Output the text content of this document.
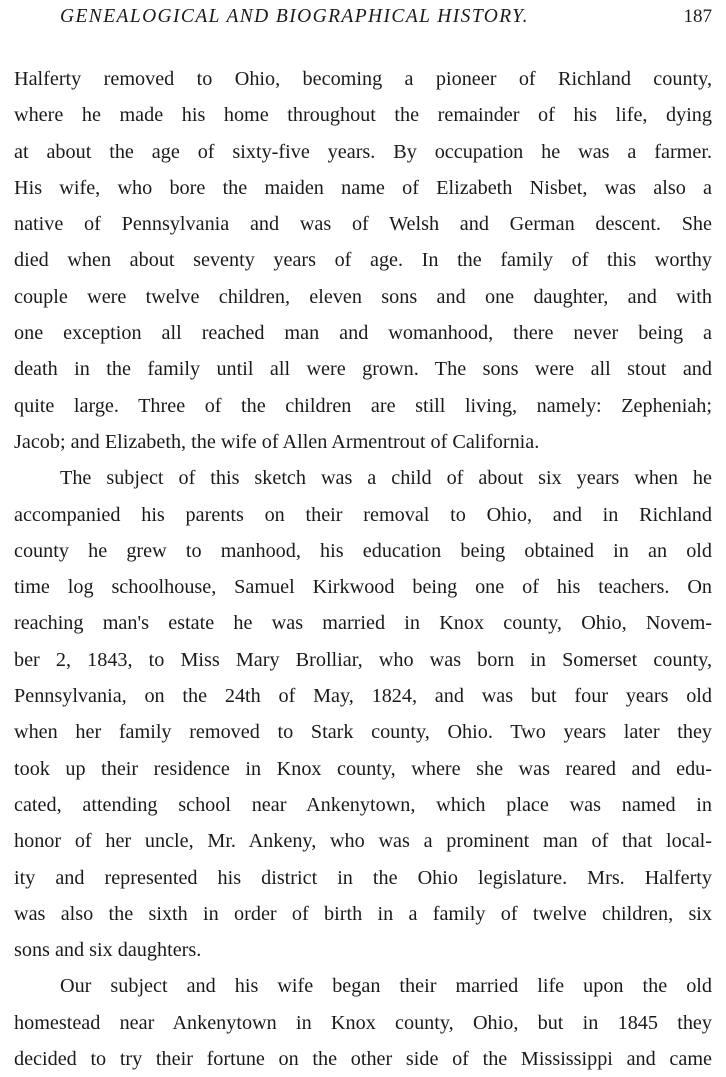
GENEALOGICAL AND BIOGRAPHICAL HISTORY.	187
Halferty removed to Ohio, becoming a pioneer of Richland county,
where he made his home throughout the remainder of his life, dying
at about the age of sixty-five years. By occupation he was a farmer.
His wife, who bore the maiden name of Elizabeth Nisbet, was also a
native of Pennsylvania and was of Welsh and German descent. She
died when about seventy years of age. In the family of this worthy
couple were twelve children, eleven sons and one daughter, and with
one exception all reached man and womanhood, there never being a
death in the family until all were grown. The sons were all stout and
quite large. Three of the children are still living, namely: Zepheniah;
Jacob; and Elizabeth, the wife of Allen Armentrout of California.
The subject of this sketch was a child of about six years when he
accompanied his parents on their removal to Ohio, and in Richland
county he grew to manhood, his education being obtained in an old
time log schoolhouse, Samuel Kirkwood being one of his teachers. On
reaching man's estate he was married in Knox county, Ohio, Novem-
ber 2, 1843, to Miss Mary Brolliar, who was born in Somerset county,
Pennsylvania, on the 24th of May, 1824, and was but four years old
when her family removed to Stark county, Ohio. Two years later they
took up their residence in Knox county, where she was reared and edu-
cated, attending school near Ankenytown, which place was named in
honor of her uncle, Mr. Ankeny, who was a prominent man of that local-
ity and represented his district in the Ohio legislature. Mrs. Halferty
was also the sixth in order of birth in a family of twelve children, six
sons and six daughters.
Our subject and his wife began their married life upon the old
homestead near Ankenytown in Knox county, Ohio, but in 1845 they
decided to try their fortune on the other side of the Mississippi and came
